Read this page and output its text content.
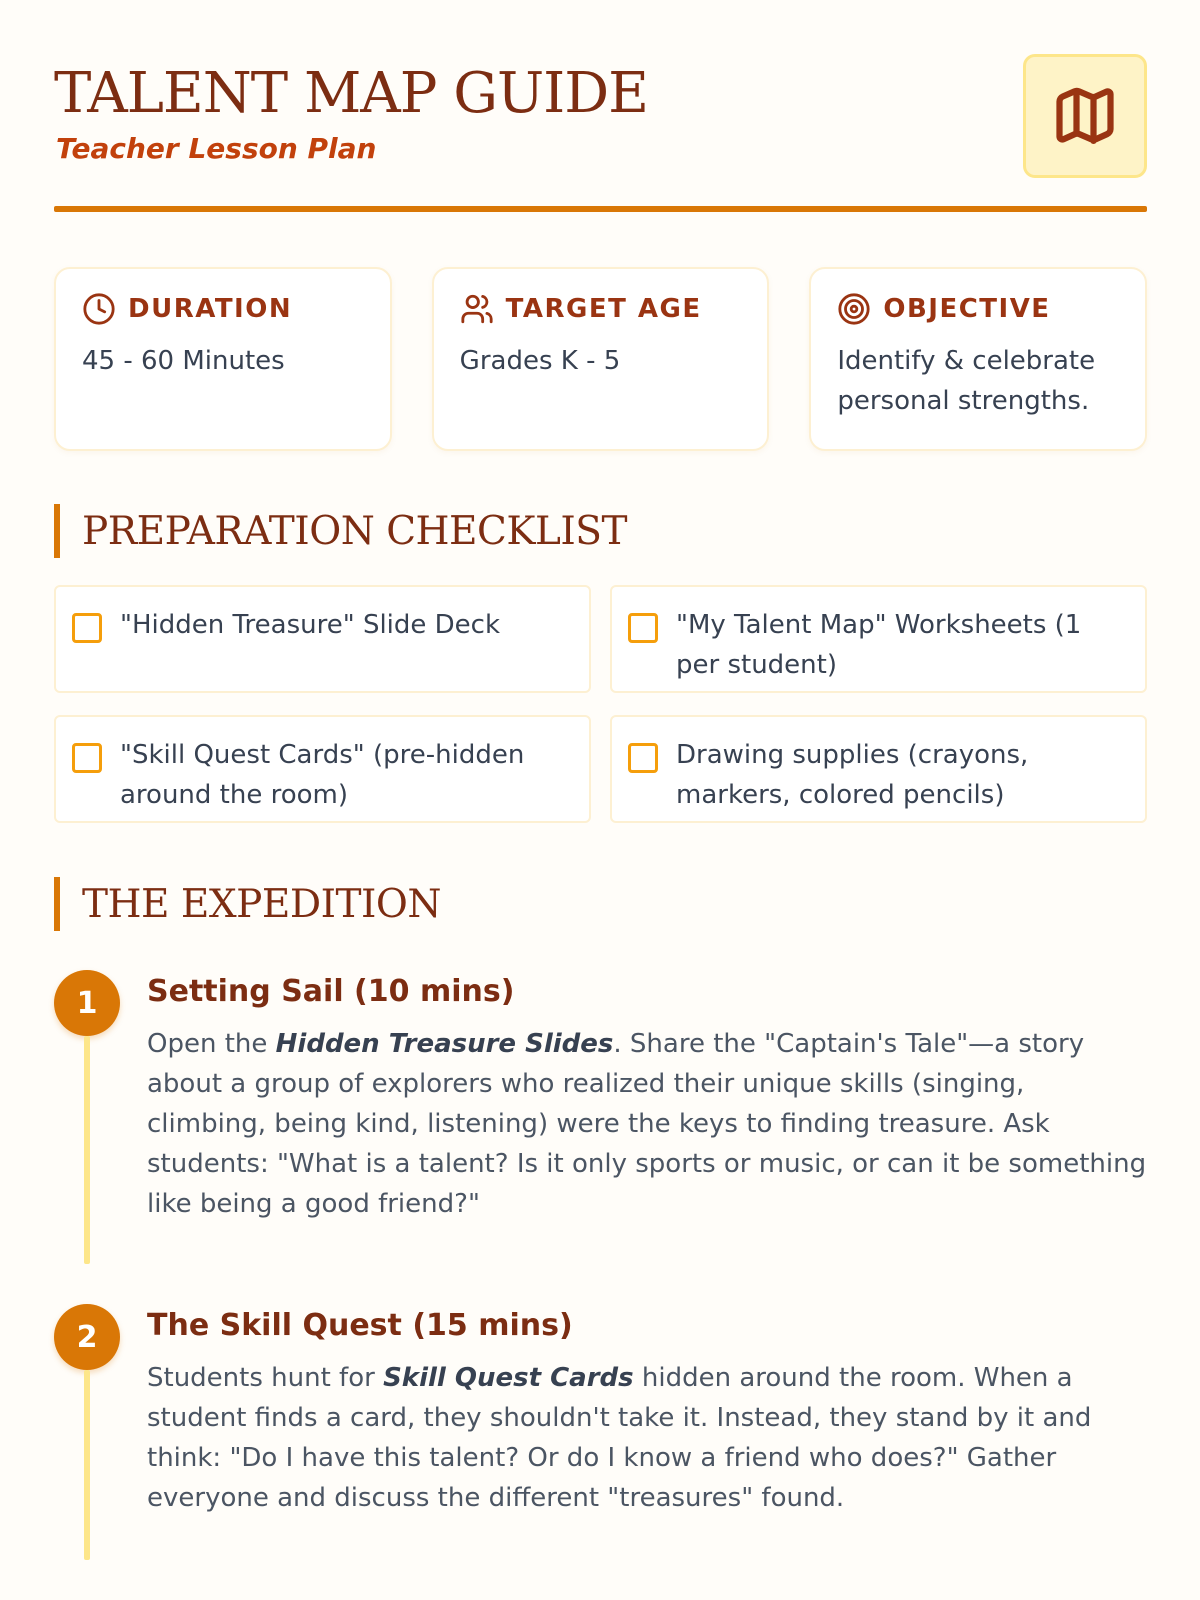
TALENT MAP GUIDE
Teacher Lesson Plan
DURATION
45 - 60 Minutes
TARGET AGE
Grades K - 5
OBJECTIVE
Identify & celebrate personal strengths.
PREPARATION CHECKLIST
"Hidden Treasure" Slide Deck	"My Talent Map" Worksheets (1 per student)
"Skill Quest Cards" (pre-hidden around the room)
Drawing supplies (crayons, markers, colored pencils)
THE EXPEDITION
1	Setting Sail (10 mins)
Open the Hidden Treasure Slides. Share the "Captain's Tale"—a story about a group of explorers who realized their unique skills (singing, climbing, being kind, listening) were the keys to finding treasure. Ask students: "What is a talent? Is it only sports or music, or can it be something like being a good friend?"
2	The Skill Quest (15 mins)
Students hunt for Skill Quest Cards hidden around the room. When a student finds a card, they shouldn't take it. Instead, they stand by it and think: "Do I have this talent? Or do I know a friend who does?" Gather everyone and discuss the different "treasures" found.
